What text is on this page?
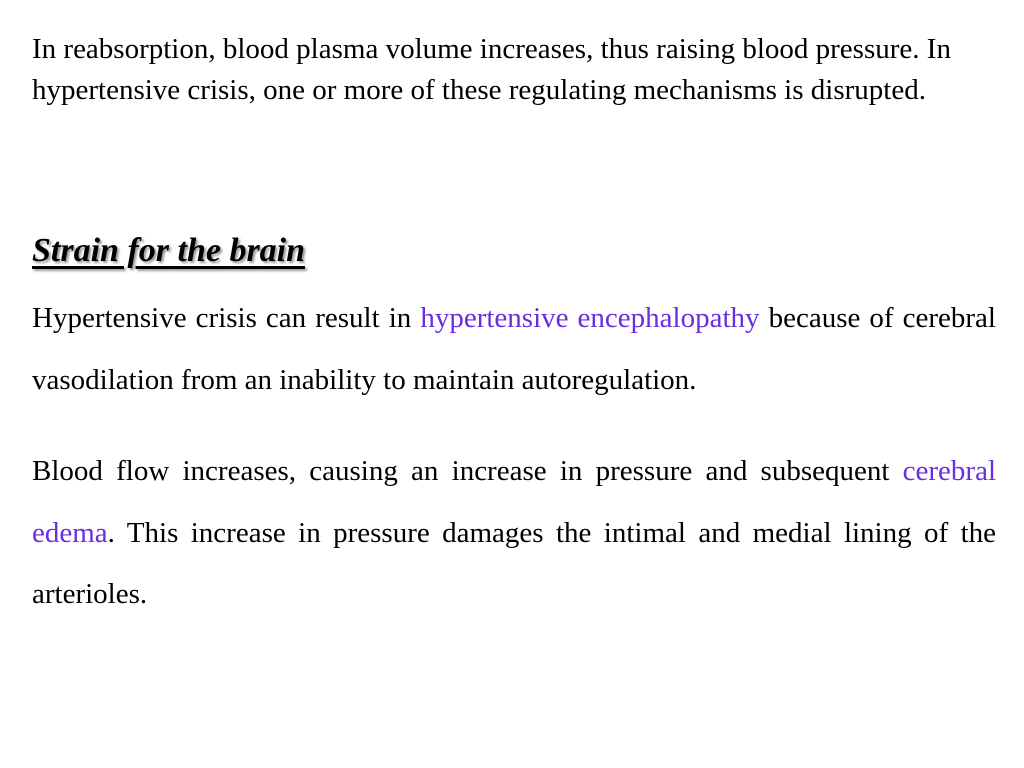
In reabsorption, blood plasma volume increases, thus raising blood pressure. In hypertensive crisis, one or more of these regulating mechanisms is disrupted.

Strain for the brain

Hypertensive crisis can result in hypertensive encephalopathy because of cerebral vasodilation from an inability to maintain autoregulation.

Blood flow increases, causing an increase in pressure and subsequent cerebral edema. This increase in pressure damages the intimal and medial lining of the arterioles.
